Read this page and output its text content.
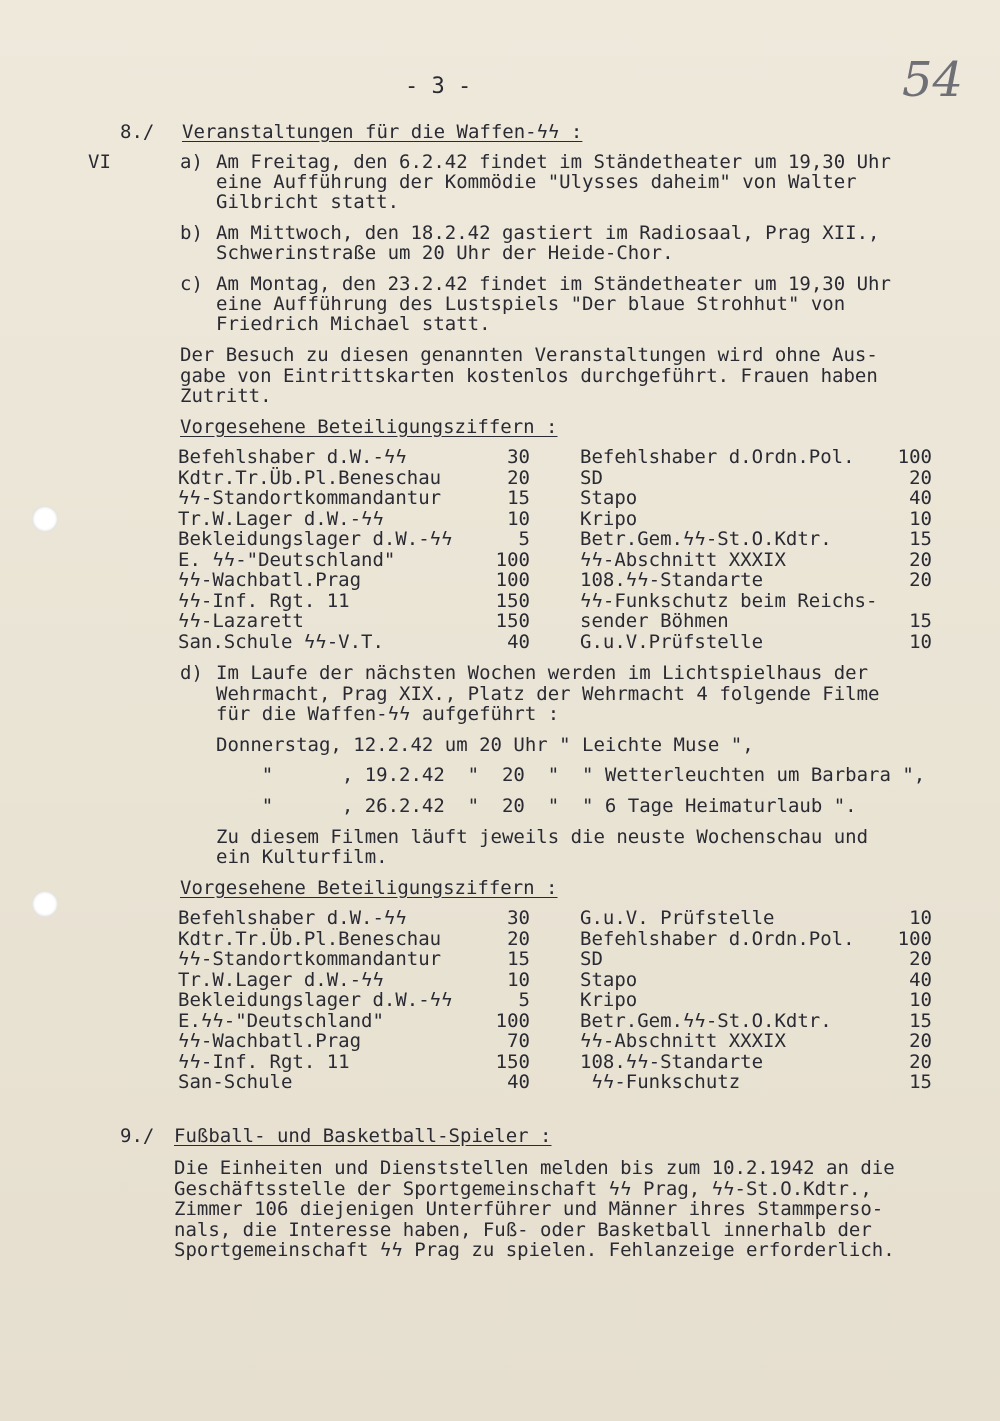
- 3 -	54
8./ Veranstaltungen für die Waffen-ϟϟ :
VI	a) Am Freitag, den 6.2.42 findet im Ständetheater um 19,30 Uhr
eine Aufführung der Kommödie "Ulysses daheim" von Walter
Gilbricht statt.
b) Am Mittwoch, den 18.2.42 gastiert im Radiosaal, Prag XII.,
Schwerinstraße um 20 Uhr der Heide-Chor.
c) Am Montag, den 23.2.42 findet im Ständetheater um 19,30 Uhr
eine Aufführung des Lustspiels "Der blaue Strohhut" von
Friedrich Michael statt.
Der Besuch zu diesen genannten Veranstaltungen wird ohne Aus-
gabe von Eintrittskarten kostenlos durchgeführt. Frauen haben
Zutritt.
Vorgesehene Beteiligungsziffern :
Befehlshaber d.W.-ϟϟ	30
Kdtr.Tr.Üb.Pl.Beneschau	20
ϟϟ-Standortkommandantur	15
Tr.W.Lager d.W.-ϟϟ	10
Bekleidungslager d.W.-ϟϟ	5
E. ϟϟ-"Deutschland"	100
ϟϟ-Wachbatl.Prag	100
ϟϟ-Inf. Rgt. 11	150
ϟϟ-Lazarett	150
San.Schule ϟϟ-V.T.	40
Befehlshaber d.Ordn.Pol.	100
SD	20
Stapo	40
Kripo	10
Betr.Gem.ϟϟ-St.O.Kdtr.	15
ϟϟ-Abschnitt XXXIX	20
108.ϟϟ-Standarte	20
ϟϟ-Funkschutz beim Reichs-
sender Böhmen	15
G.u.V.Prüfstelle	10
d) Im Laufe der nächsten Wochen werden im Lichtspielhaus der
Wehrmacht, Prag XIX., Platz der Wehrmacht 4 folgende Filme
für die Waffen-ϟϟ aufgeführt :
Donnerstag, 12.2.42 um 20 Uhr " Leichte Muse ",
"      , 19.2.42  "  20  "  " Wetterleuchten um Barbara ",
"      , 26.2.42  "  20  "  " 6 Tage Heimaturlaub ".
Zu diesem Filmen läuft jeweils die neuste Wochenschau und
ein Kulturfilm.
Vorgesehene Beteiligungsziffern :
Befehlshaber d.W.-ϟϟ	30
Kdtr.Tr.Üb.Pl.Beneschau	20
ϟϟ-Standortkommandantur	15
Tr.W.Lager d.W.-ϟϟ	10
Bekleidungslager d.W.-ϟϟ	5
E.ϟϟ-"Deutschland"	100
ϟϟ-Wachbatl.Prag	70
ϟϟ-Inf. Rgt. 11	150
San-Schule	40
G.u.V. Prüfstelle	10
Befehlshaber d.Ordn.Pol.	100
SD	20
Stapo	40
Kripo	10
Betr.Gem.ϟϟ-St.O.Kdtr.	15
ϟϟ-Abschnitt XXXIX	20
108.ϟϟ-Standarte	20
ϟϟ-Funkschutz	15
9./ Fußball- und Basketball-Spieler :
Die Einheiten und Dienststellen melden bis zum 10.2.1942 an die
Geschäftsstelle der Sportgemeinschaft ϟϟ Prag, ϟϟ-St.O.Kdtr.,
Zimmer 106 diejenigen Unterführer und Männer ihres Stammperso-
nals, die Interesse haben, Fuß- oder Basketball innerhalb der
Sportgemeinschaft ϟϟ Prag zu spielen. Fehlanzeige erforderlich.
